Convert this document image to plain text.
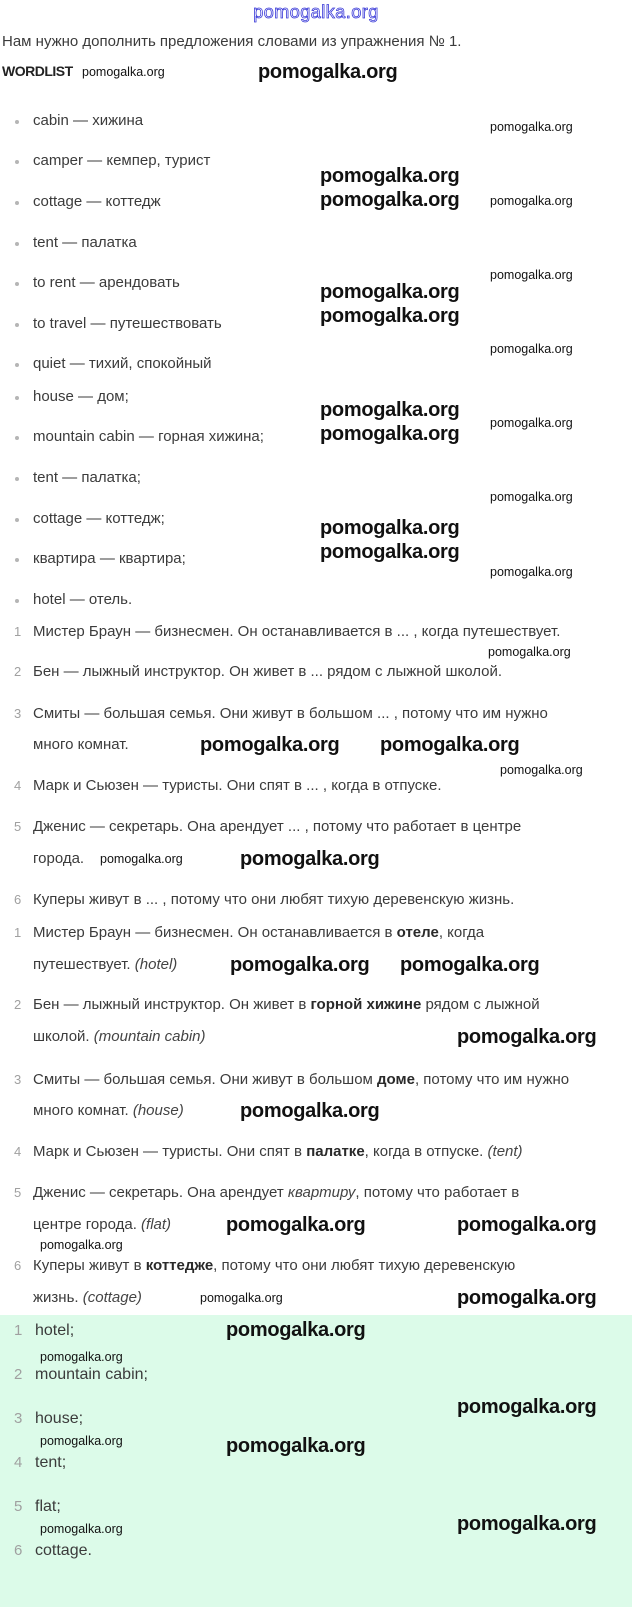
pomogalka.org
Нам нужно дополнить предложения словами из упражнения № 1.
WORDLIST
cabin — хижина
camper — кемпер, турист
cottage — коттедж
tent — палатка
to rent — арендовать
to travel — путешествовать
quiet — тихий, спокойный
house — дом;
mountain cabin — горная хижина;
tent — палатка;
cottage — коттедж;
квартира — квартира;
hotel — отель.
1 Мистер Браун — бизнесмен. Он останавливается в ... , когда путешествует.
2 Бен — лыжный инструктор. Он живет в ... рядом с лыжной школой.
3 Смиты — большая семья. Они живут в большом ... , потому что им нужно
много комнат.
4 Марк и Сьюзен — туристы. Они спят в ... , когда в отпуске.
5 Дженис — секретарь. Она арендует ... , потому что работает в центре
города.
6 Куперы живут в ... , потому что они любят тихую деревенскую жизнь.
1 Мистер Браун — бизнесмен. Он останавливается в отеле, когда
путешествует. (hotel)
2 Бен — лыжный инструктор. Он живет в горной хижине рядом с лыжной
школой. (mountain cabin)
3 Смиты — большая семья. Они живут в большом доме, потому что им нужно
много комнат. (house)
4 Марк и Сьюзен — туристы. Они спят в палатке, когда в отпуске. (tent)
5 Дженис — секретарь. Она арендует квартиру, потому что работает в
центре города. (flat)
6 Куперы живут в коттедже, потому что они любят тихую деревенскую
жизнь. (cottage)
1 hotel;
2 mountain cabin;
3 house;
4 tent;
5 flat;
6 cottage.
pomogalka.org
pomogalka.org
pomogalka.org
pomogalka.org
pomogalka.org
pomogalka.org
pomogalka.org
pomogalka.org
pomogalka.org
pomogalka.org pomogalka.org
pomogalka.org
pomogalka.org
pomogalka.org
pomogalka.org
pomogalka.org
pomogalka.org
pomogalka.org
pomogalka.org
pomogalka.org
pomogalka.org
pomogalka.org
pomogalka.org
pomogalka.org
pomogalka.org
pomogalka.org
pomogalka.org
pomogalka.org
pomogalka.org
pomogalka.org
pomogalka.org
pomogalka.org
pomogalka.org
pomogalka.org
pomogalka.org
pomogalka.org
pomogalka.org
pomogalka.org
pomogalka.org
